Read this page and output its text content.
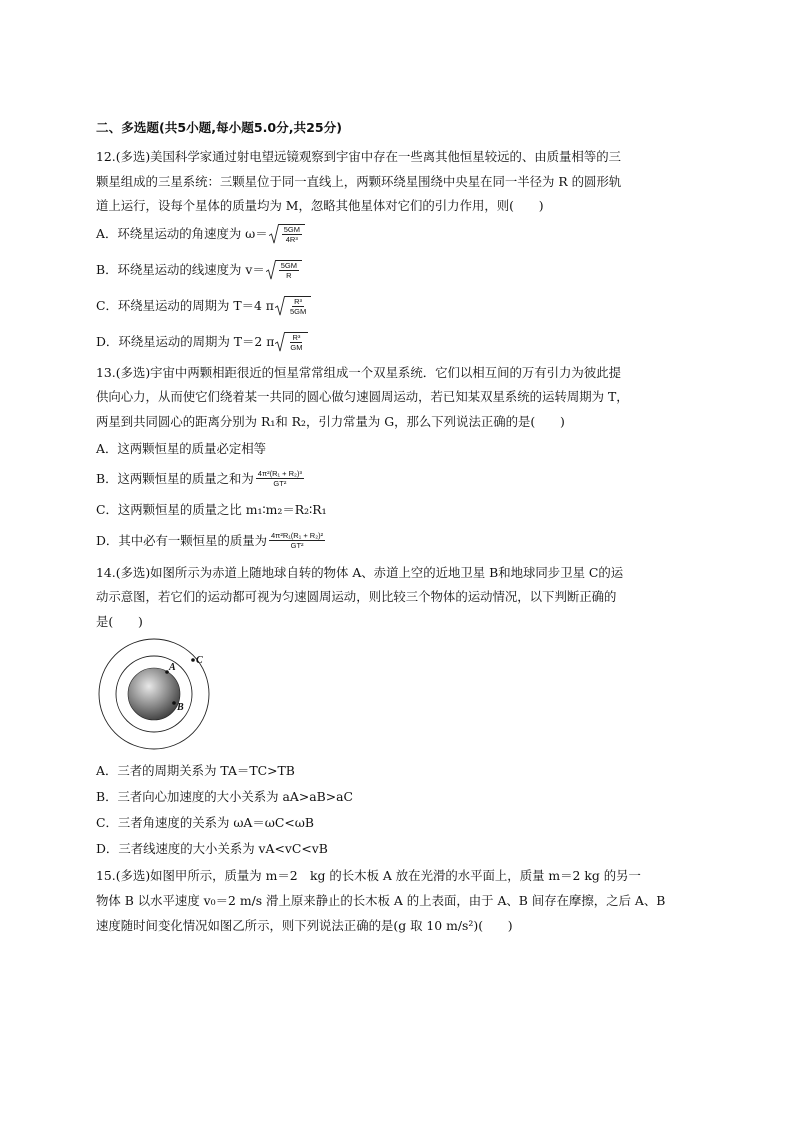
二、多选题(共5小题,每小题5.0分,共25分)
12.(多选)美国科学家通过射电望远镜观察到宇宙中存在一些离其他恒星较远的、由质量相等的三
颗星组成的三星系统：三颗星位于同一直线上，两颗环绕星围绕中央星在同一半径为 R 的圆形轨
道上运行，设每个星体的质量均为 M，忽略其他星体对它们的引力作用，则(　　)
A．环绕星运动的角速度为 $\omega= \frac{5GM}{\text{4R³}}$
B．环绕星运动的线速度为 $v= \frac{5GM}{R}$
C．环绕星运动的周期为 T＝4 π $\frac{\text{R³}}{5GM}$
D．环绕星运动的周期为 T＝2 π $\frac{\text{R³}}{GM}$
13.(多选)宇宙中两颗相距很近的恒星常常组成一个双星系统．它们以相互间的万有引力为彼此提
供向心力，从而使它们绕着某一共同的圆心做匀速圆周运动，若已知某双星系统的运转周期为 T，
两星到共同圆心的距离分别为 R₁和 R₂，引力常量为 G，那么下列说法正确的是(　　)
A．这两颗恒星的质量必定相等
B．这两颗恒星的质量之和为 $\frac{\text{4π²(R₁ + R₂)³}}{\text{GT²}}$
C．这两颗恒星的质量之比 m₁∶m₂＝R₂∶R₁
D．其中必有一颗恒星的质量为 $\frac{\text{4π²R₁(R₁ + R₂)²}}{\text{GT²}}$
14.(多选)如图所示为赤道上随地球自转的物体 A、赤道上空的近地卫星 B和地球同步卫星 C的运
动示意图，若它们的运动都可视为匀速圆周运动，则比较三个物体的运动情况，以下判断正确的
是(　　)
A
B
C
A．三者的周期关系为 TA＝TC>TB
B．三者向心加速度的大小关系为 aA>aB>aC
C．三者角速度的关系为 ωA＝ωC<ωB
D．三者线速度的大小关系为 vA<vC<vB
15.(多选)如图甲所示，质量为 m＝2　kg 的长木板 A 放在光滑的水平面上，质量 m＝2 kg 的另一
物体 B 以水平速度 v₀＝2 m/s 滑上原来静止的长木板 A 的上表面，由于 A、B 间存在摩擦，之后 A、B
速度随时间变化情况如图乙所示，则下列说法正确的是(g 取 10 m/s²)(　　)
